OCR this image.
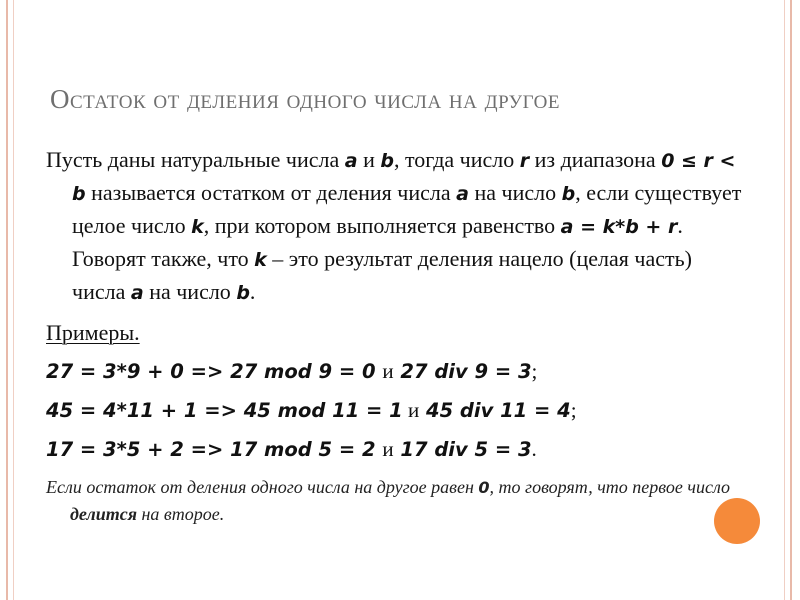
Остаток от деления одного числа на другое

Пусть даны натуральные числа a и b, тогда число r из диапазона 0 ≤ r < b называется остатком от деления числа a на число b, если существует целое число k, при котором выполняется равенство a = k*b + r. Говорят также, что k – это результат деления нацело (целая часть) числа a на число b.

Примеры.

27 = 3*9 + 0 => 27 mod 9 = 0 и 27 div 9 = 3;

45 = 4*11 + 1 => 45 mod 11 = 1 и 45 div 11 = 4;

17 = 3*5 + 2 => 17 mod 5 = 2 и 17 div 5 = 3.

Если остаток от деления одного числа на другое равен 0, то говорят, что первое число делится на второе.
